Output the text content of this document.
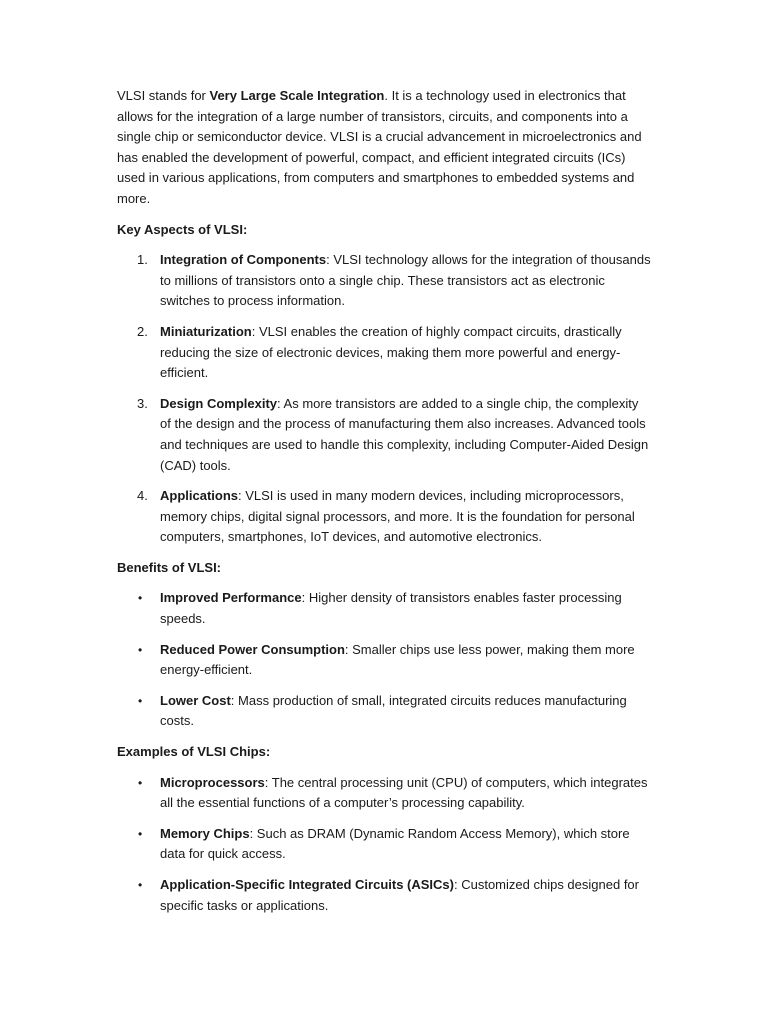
VLSI stands for Very Large Scale Integration. It is a technology used in electronics that allows for the integration of a large number of transistors, circuits, and components into a single chip or semiconductor device. VLSI is a crucial advancement in microelectronics and has enabled the development of powerful, compact, and efficient integrated circuits (ICs) used in various applications, from computers and smartphones to embedded systems and more.

Key Aspects of VLSI:

1. Integration of Components: VLSI technology allows for the integration of thousands to millions of transistors onto a single chip. These transistors act as electronic switches to process information.
2. Miniaturization: VLSI enables the creation of highly compact circuits, drastically reducing the size of electronic devices, making them more powerful and energy-efficient.
3. Design Complexity: As more transistors are added to a single chip, the complexity of the design and the process of manufacturing them also increases. Advanced tools and techniques are used to handle this complexity, including Computer-Aided Design (CAD) tools.
4. Applications: VLSI is used in many modern devices, including microprocessors, memory chips, digital signal processors, and more. It is the foundation for personal computers, smartphones, IoT devices, and automotive electronics.

Benefits of VLSI:

• Improved Performance: Higher density of transistors enables faster processing speeds.
• Reduced Power Consumption: Smaller chips use less power, making them more energy-efficient.
• Lower Cost: Mass production of small, integrated circuits reduces manufacturing costs.

Examples of VLSI Chips:

• Microprocessors: The central processing unit (CPU) of computers, which integrates all the essential functions of a computer’s processing capability.
• Memory Chips: Such as DRAM (Dynamic Random Access Memory), which store data for quick access.
• Application-Specific Integrated Circuits (ASICs): Customized chips designed for specific tasks or applications.
